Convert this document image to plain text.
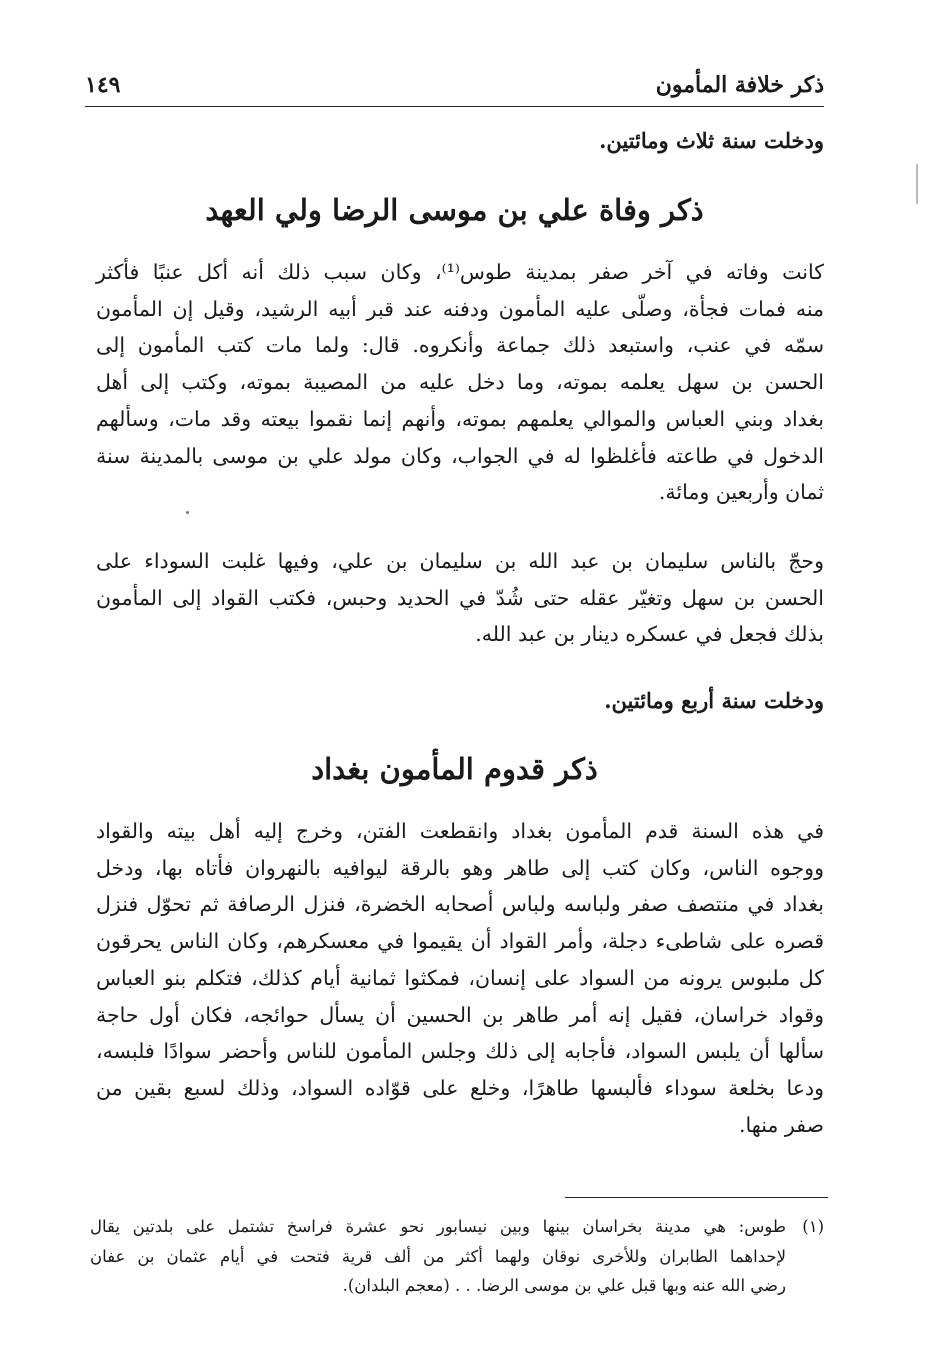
ذكر خلافة المأمون
١٤٩
ودخلت سنة ثلاث ومائتين.
ذكر وفاة علي بن موسى الرضا ولي العهد

كانت وفاته في آخر صفر بمدينة طوس⁽¹⁾، وكان سبب ذلك أنه أكل عنبًا فأكثر
منه فمات فجأة، وصلّى عليه المأمون ودفنه عند قبر أبيه الرشيد، وقيل إن المأمون
سمّه في عنب، واستبعد ذلك جماعة وأنكروه. قال: ولما مات كتب المأمون إلى
الحسن بن سهل يعلمه بموته، وما دخل عليه من المصيبة بموته، وكتب إلى أهل
بغداد وبني العباس والموالي يعلمهم بموته، وأنهم إنما نقموا بيعته وقد مات، وسألهم
الدخول في طاعته فأغلظوا له في الجواب، وكان مولد علي بن موسى بالمدينة سنة
ثمان وأربعين ومائة.

وحجّ بالناس سليمان بن عبد الله بن سليمان بن علي، وفيها غلبت السوداء على
الحسن بن سهل وتغيّر عقله حتى شُدّ في الحديد وحبس، فكتب القواد إلى المأمون
بذلك فجعل في عسكره دينار بن عبد الله.

ودخلت سنة أربع ومائتين.
ذكر قدوم المأمون بغداد

في هذه السنة قدم المأمون بغداد وانقطعت الفتن، وخرج إليه أهل بيته والقواد
ووجوه الناس، وكان كتب إلى طاهر وهو بالرقة ليوافيه بالنهروان فأتاه بها، ودخل
بغداد في منتصف صفر ولباسه ولباس أصحابه الخضرة، فنزل الرصافة ثم تحوّل فنزل
قصره على شاطىء دجلة، وأمر القواد أن يقيموا في معسكرهم، وكان الناس يحرقون
كل ملبوس يرونه من السواد على إنسان، فمكثوا ثمانية أيام كذلك، فتكلم بنو العباس
وقواد خراسان، فقيل إنه أمر طاهر بن الحسين أن يسأل حوائجه، فكان أول حاجة
سألها أن يلبس السواد، فأجابه إلى ذلك وجلس المأمون للناس وأحضر سوادًا فلبسه،
ودعا بخلعة سوداء فألبسها طاهرًا، وخلع على قوّاده السواد، وذلك لسبع بقين من
صفر منها.

(١)
طوس: هي مدينة بخراسان بينها وبين نيسابور نحو عشرة فراسخ تشتمل على بلدتين يقال
لإحداهما الطابران وللأخرى نوقان ولهما أكثر من ألف قرية فتحت في أيام عثمان بن عفان
رضي الله عنه وبها قبل علي بن موسى الرضا. . . (معجم البلدان).
